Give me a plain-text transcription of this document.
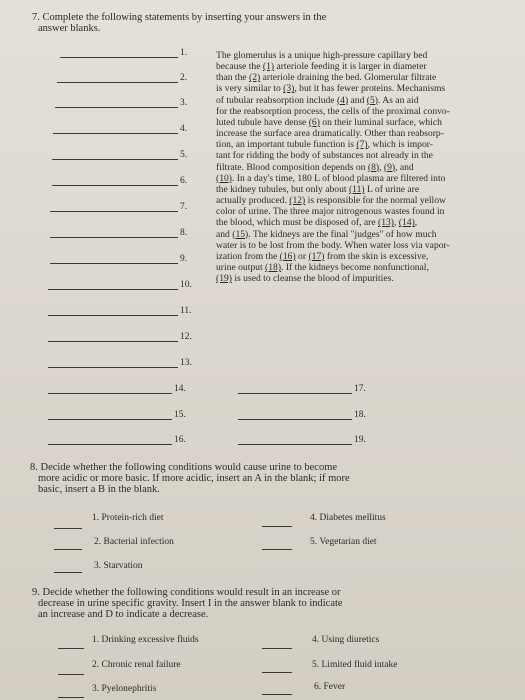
7. Complete the following statements by inserting your answers in the
answer blanks.
1.
2.
3.
4.
5.
6.
7.
8.
9.
10.
11.
12.
13.
14.
15.
16.
17.
18.
19.
The glomerulus is a unique high-pressure capillary bed
because the (1) arteriole feeding it is larger in diameter
than the (2) arteriole draining the bed. Glomerular filtrate
is very similar to (3), but it has fewer proteins. Mechanisms
of tubular reabsorption include (4) and (5). As an aid
for the reabsorption process, the cells of the proximal convo-
luted tubule have dense (6) on their luminal surface, which
increase the surface area dramatically. Other than reabsorp-
tion, an important tubule function is (7), which is impor-
tant for ridding the body of substances not already in the
filtrate. Blood composition depends on (8), (9), and
(10). In a day's time, 180 L of blood plasma are filtered into
the kidney tubules, but only about (11) L of urine are
actually produced. (12) is responsible for the normal yellow
color of urine. The three major nitrogenous wastes found in
the blood, which must be disposed of, are (13), (14),
and (15). The kidneys are the final "judges" of how much
water is to be lost from the body. When water loss via vapor-
ization from the (16) or (17) from the skin is excessive,
urine output (18). If the kidneys become nonfunctional,
(19) is used to cleanse the blood of impurities.
8. Decide whether the following conditions would cause urine to become
more acidic or more basic. If more acidic, insert an A in the blank; if more
basic, insert a B in the blank.
1. Protein-rich diet
2. Bacterial infection
3. Starvation
4. Diabetes mellitus
5. Vegetarian diet
9. Decide whether the following conditions would result in an increase or
decrease in urine specific gravity. Insert I in the answer blank to indicate
an increase and D to indicate a decrease.
1. Drinking excessive fluids
2. Chronic renal failure
3. Pyelonephritis
4. Using diuretics
5. Limited fluid intake
6. Fever
